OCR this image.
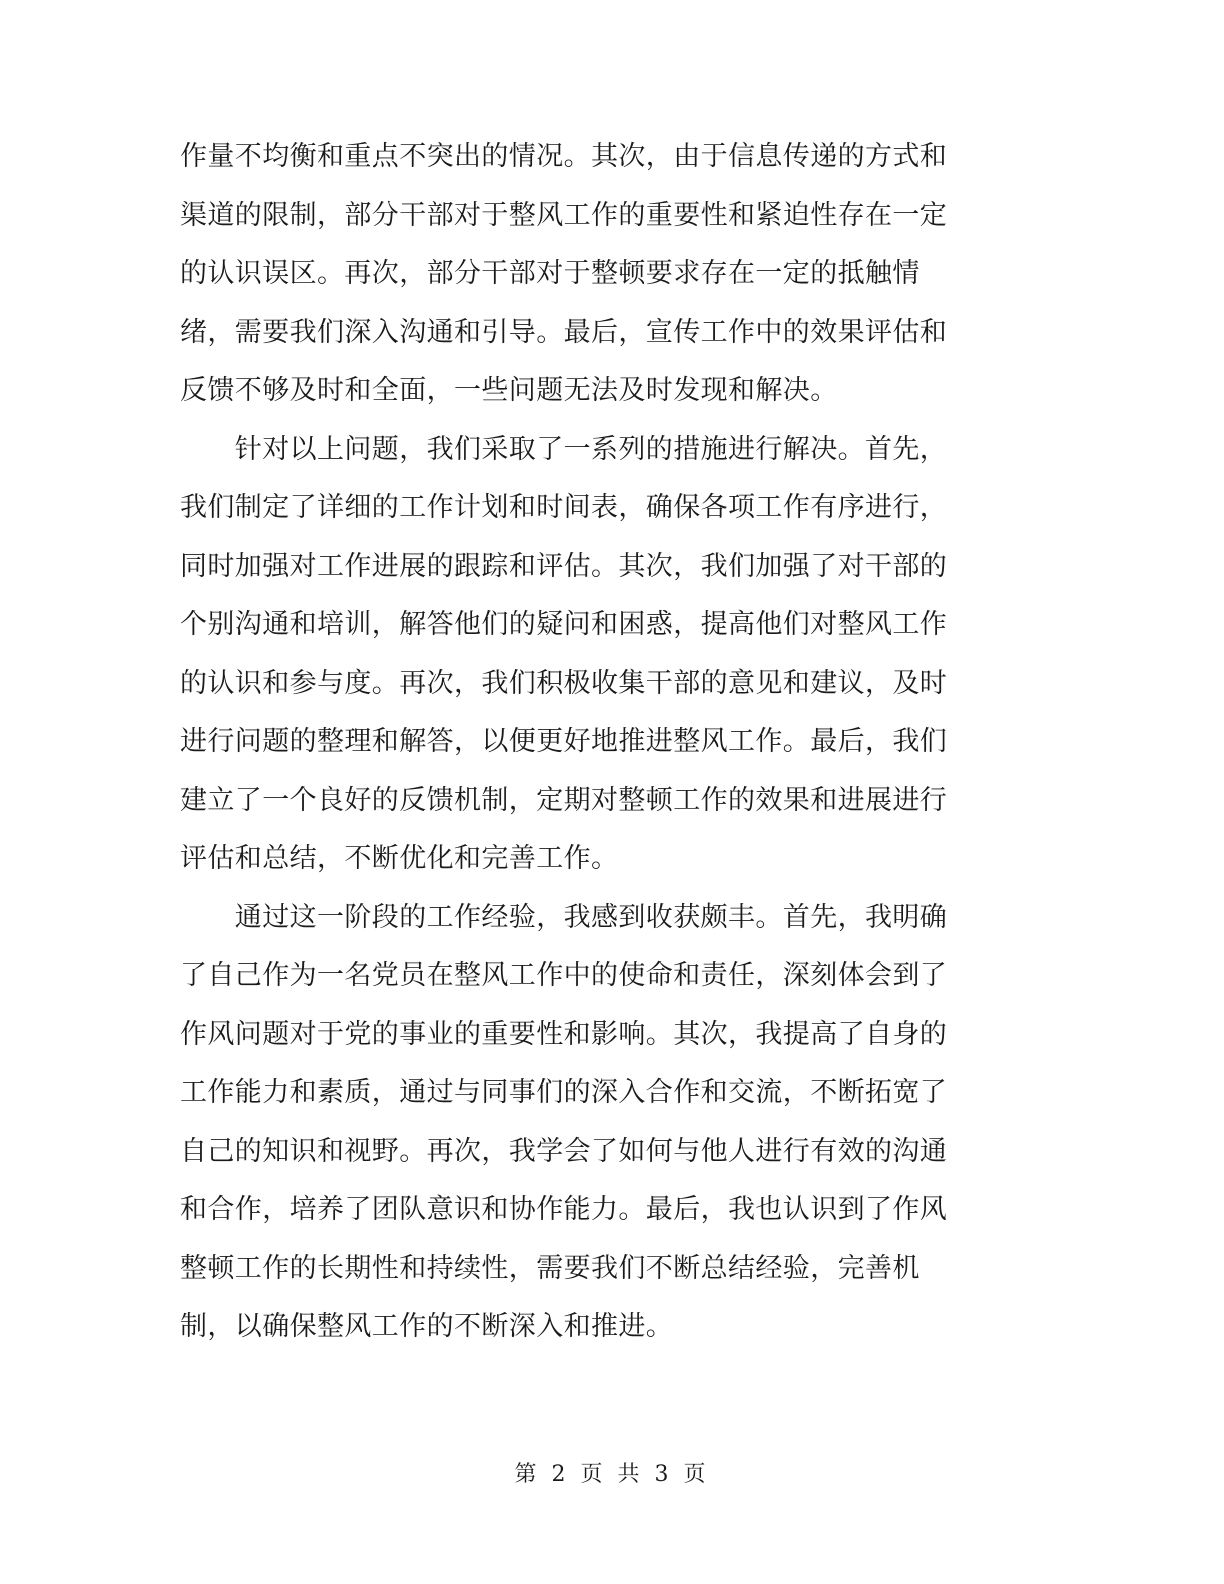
作量不均衡和重点不突出的情况。其次，由于信息传递的方式和
渠道的限制，部分干部对于整风工作的重要性和紧迫性存在一定
的认识误区。再次，部分干部对于整顿要求存在一定的抵触情
绪，需要我们深入沟通和引导。最后，宣传工作中的效果评估和
反馈不够及时和全面，一些问题无法及时发现和解决。
　　针对以上问题，我们采取了一系列的措施进行解决。首先，
我们制定了详细的工作计划和时间表，确保各项工作有序进行，
同时加强对工作进展的跟踪和评估。其次，我们加强了对干部的
个别沟通和培训，解答他们的疑问和困惑，提高他们对整风工作
的认识和参与度。再次，我们积极收集干部的意见和建议，及时
进行问题的整理和解答，以便更好地推进整风工作。最后，我们
建立了一个良好的反馈机制，定期对整顿工作的效果和进展进行
评估和总结，不断优化和完善工作。
　　通过这一阶段的工作经验，我感到收获颇丰。首先，我明确
了自己作为一名党员在整风工作中的使命和责任，深刻体会到了
作风问题对于党的事业的重要性和影响。其次，我提高了自身的
工作能力和素质，通过与同事们的深入合作和交流，不断拓宽了
自己的知识和视野。再次，我学会了如何与他人进行有效的沟通
和合作，培养了团队意识和协作能力。最后，我也认识到了作风
整顿工作的长期性和持续性，需要我们不断总结经验，完善机
制，以确保整风工作的不断深入和推进。
第 2 页 共 3 页
